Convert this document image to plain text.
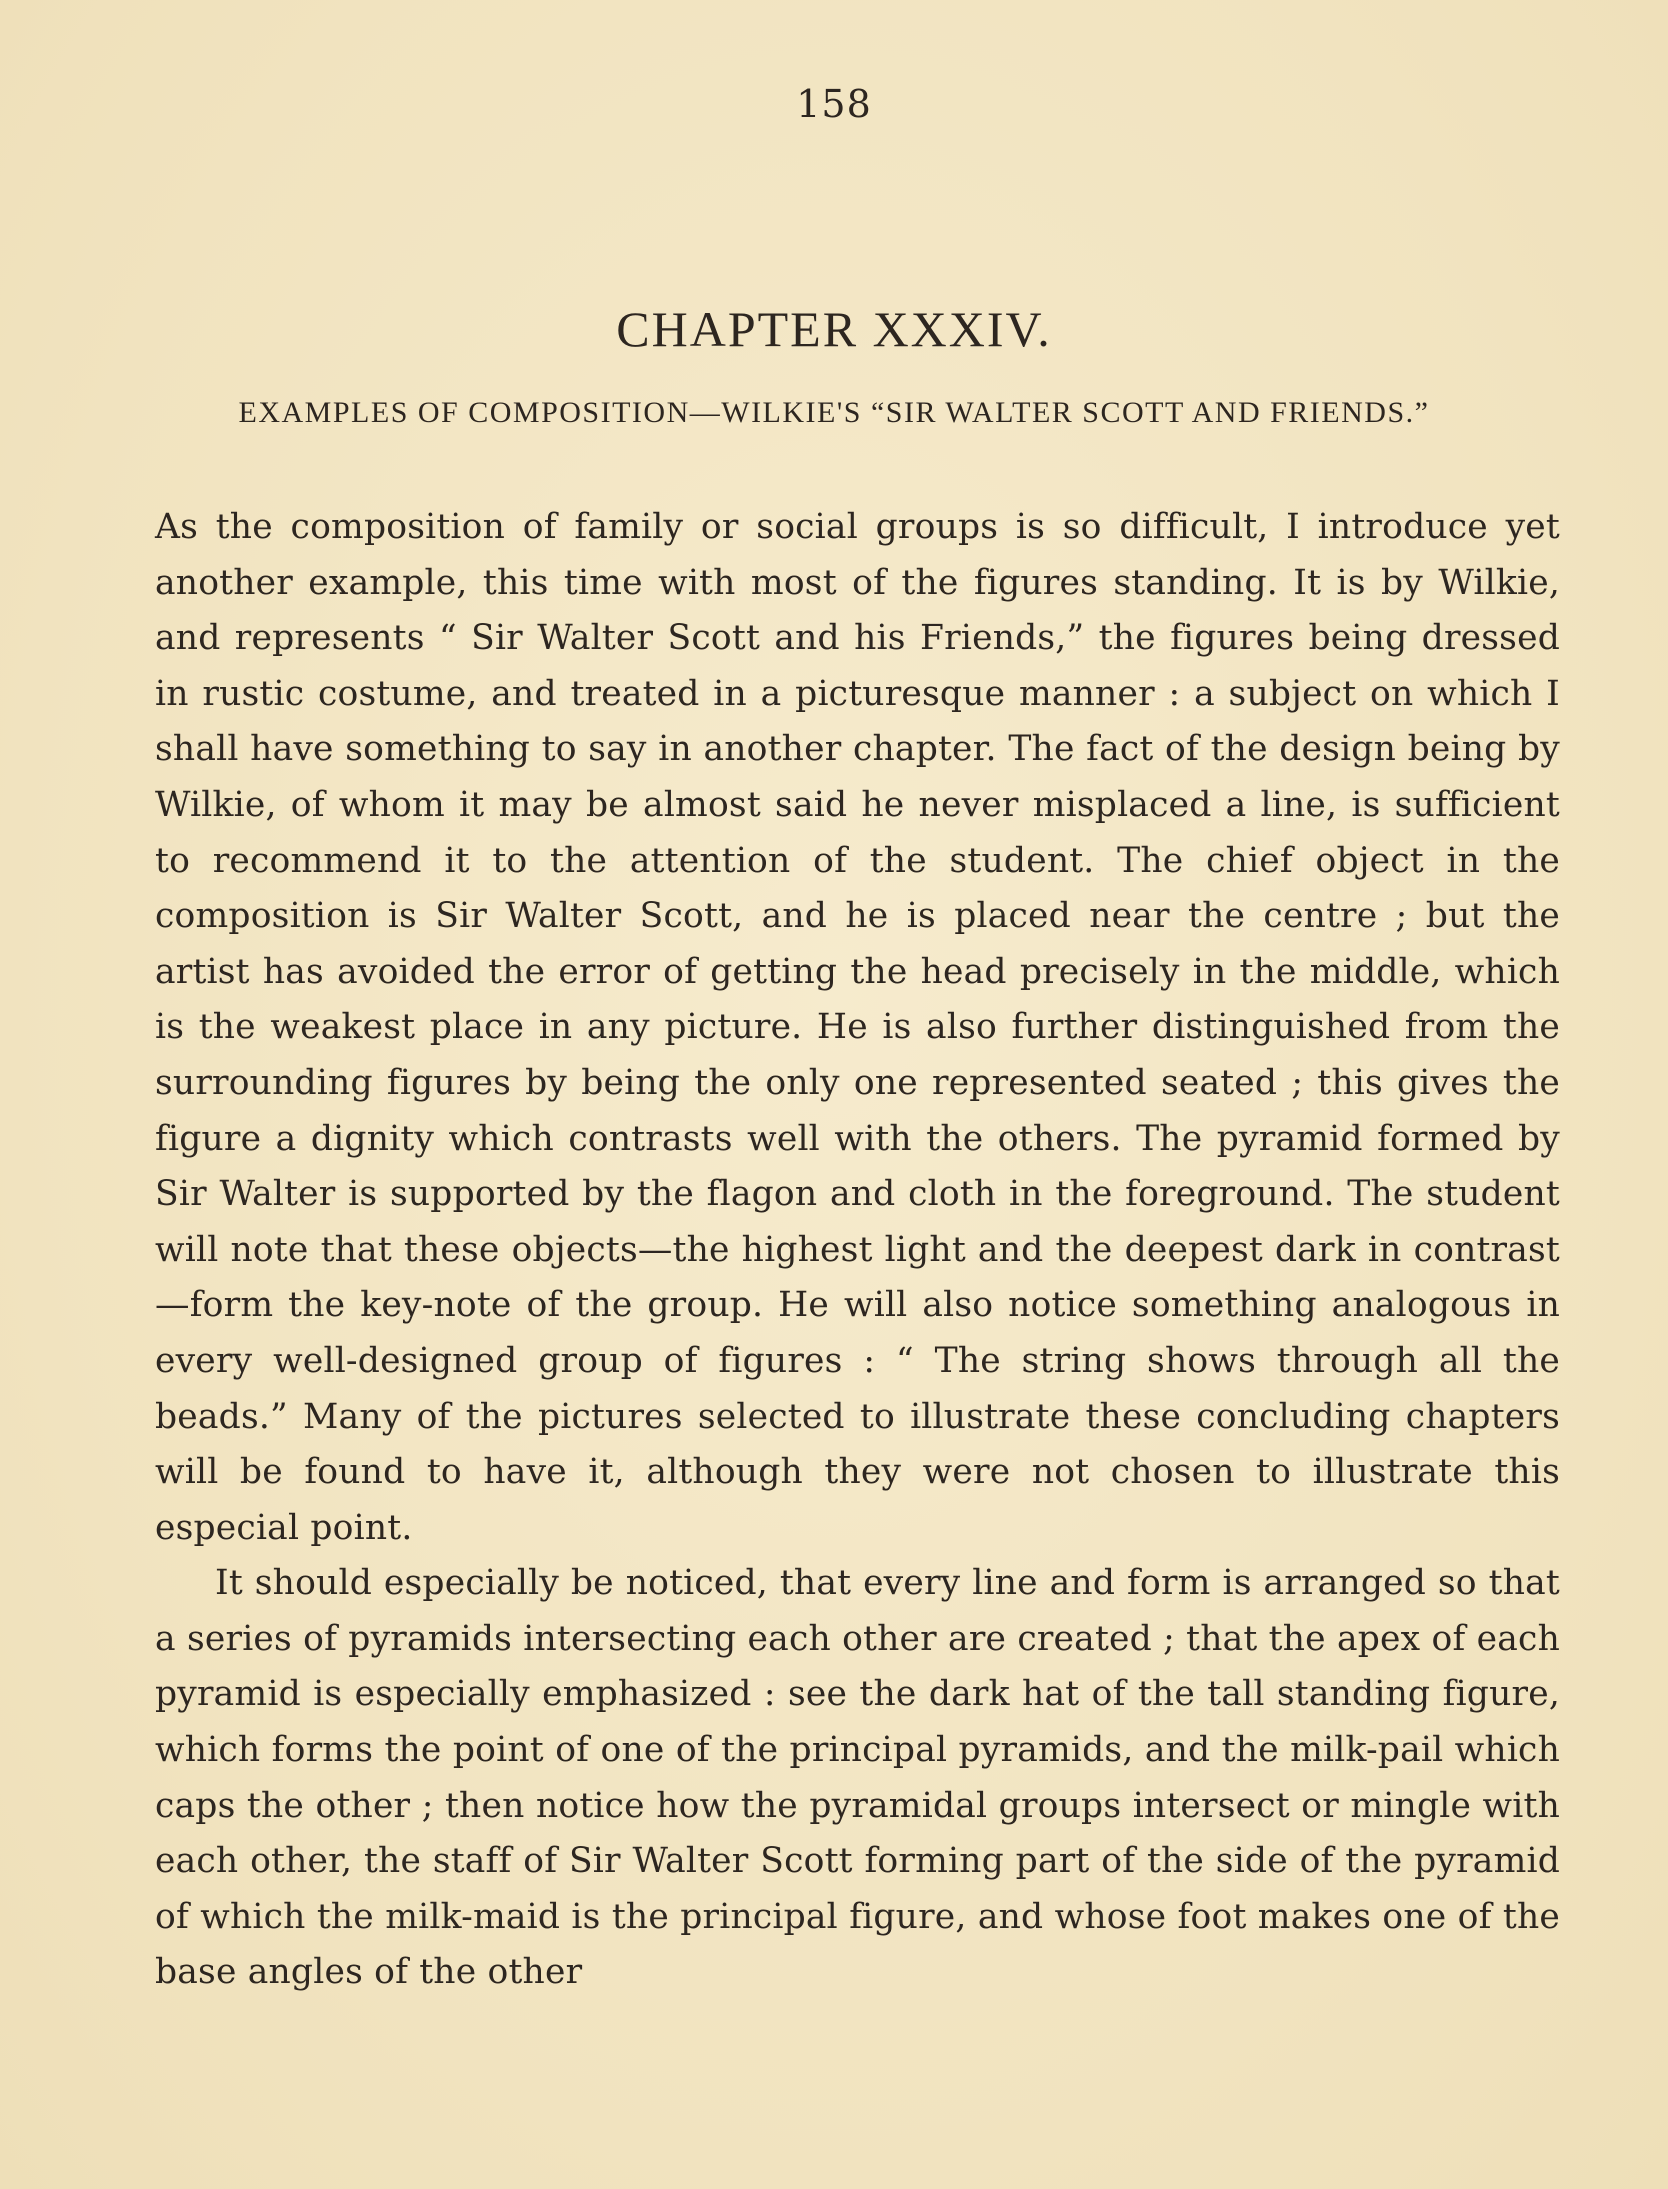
158
CHAPTER XXXIV.
EXAMPLES OF COMPOSITION—WILKIE'S “SIR WALTER SCOTT AND FRIENDS.”

As the composition of family or social groups is so difficult, I introduce yet another example, this time with most of the figures standing. It is by Wilkie, and represents “ Sir Walter Scott and his Friends,” the figures being dressed in rustic costume, and treated in a picturesque manner : a subject on which I shall have something to say in another chapter. The fact of the design being by Wilkie, of whom it may be almost said he never misplaced a line, is sufficient to recommend it to the attention of the student. The chief object in the composition is Sir Walter Scott, and he is placed near the centre ; but the artist has avoided the error of getting the head precisely in the middle, which is the weakest place in any picture. He is also further distinguished from the surrounding figures by being the only one represented seated ; this gives the figure a dignity which contrasts well with the others. The pyramid formed by Sir Walter is supported by the flagon and cloth in the foreground. The student will note that these objects—the highest light and the deepest dark in contrast—form the key-note of the group. He will also notice something analogous in every well-designed group of figures : “ The string shows through all the beads.” Many of the pictures selected to illustrate these concluding chapters will be found to have it, although they were not chosen to illustrate this especial point.

It should especially be noticed, that every line and form is arranged so that a series of pyramids intersecting each other are created ; that the apex of each pyramid is especially emphasized : see the dark hat of the tall standing figure, which forms the point of one of the principal pyramids, and the milk-pail which caps the other ; then notice how the pyramidal groups intersect or mingle with each other, the staff of Sir Walter Scott forming part of the side of the pyramid of which the milk-maid is the principal figure, and whose foot makes one of the base angles of the other
